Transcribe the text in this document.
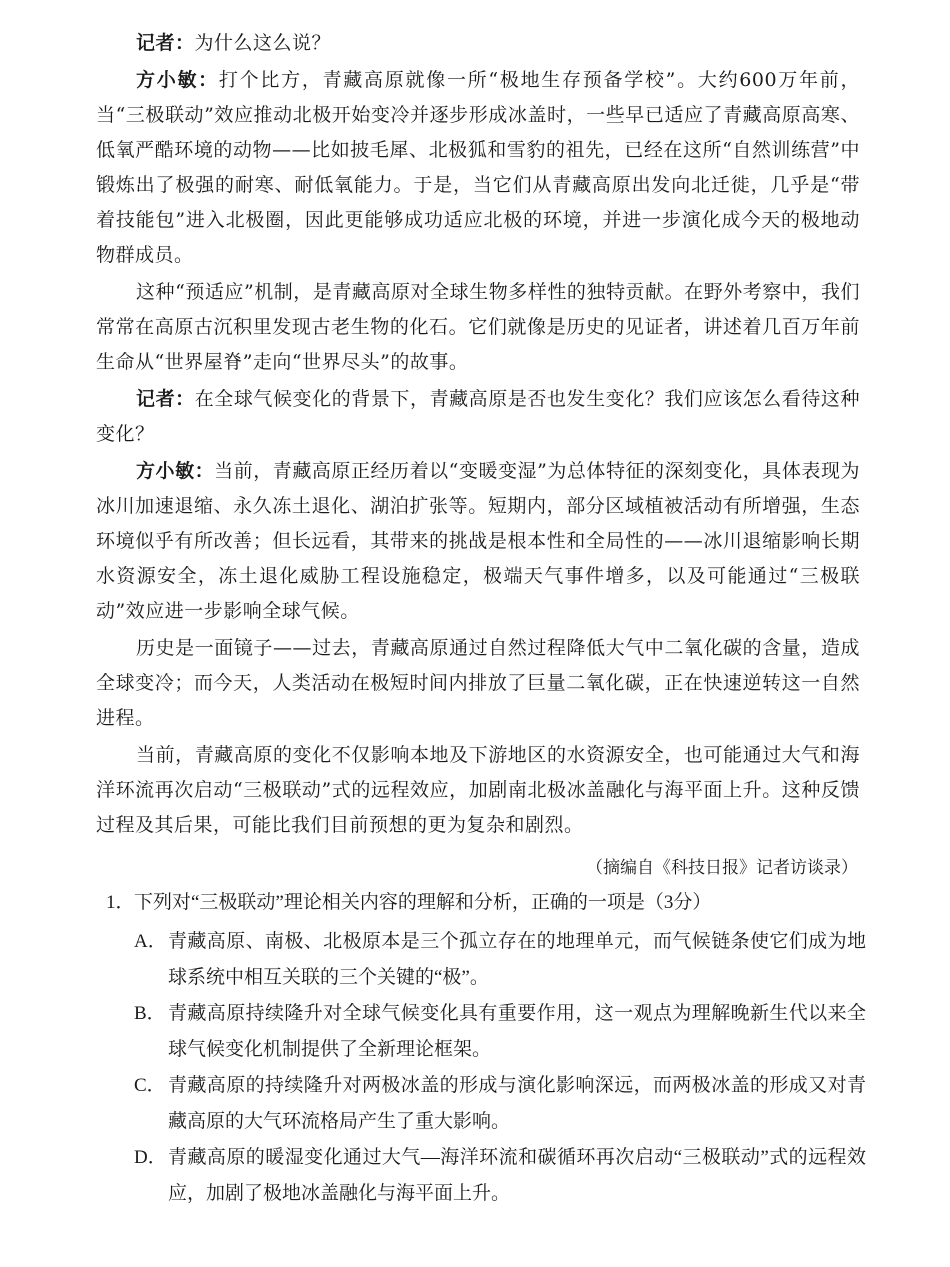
记者：为什么这么说？

方小敏：打个比方，青藏高原就像一所“极地生存预备学校”。大约600万年前，当“三极联动”效应推动北极开始变冷并逐步形成冰盖时，一些早已适应了青藏高原高寒、低氧严酷环境的动物——比如披毛犀、北极狐和雪豹的祖先，已经在这所“自然训练营”中锻炼出了极强的耐寒、耐低氧能力。于是，当它们从青藏高原出发向北迁徙，几乎是“带着技能包”进入北极圈，因此更能够成功适应北极的环境，并进一步演化成今天的极地动物群成员。

这种“预适应”机制，是青藏高原对全球生物多样性的独特贡献。在野外考察中，我们常常在高原古沉积里发现古老生物的化石。它们就像是历史的见证者，讲述着几百万年前生命从“世界屋脊”走向“世界尽头”的故事。

记者：在全球气候变化的背景下，青藏高原是否也发生变化？我们应该怎么看待这种变化？

方小敏：当前，青藏高原正经历着以“变暖变湿”为总体特征的深刻变化，具体表现为冰川加速退缩、永久冻土退化、湖泊扩张等。短期内，部分区域植被活动有所增强，生态环境似乎有所改善；但长远看，其带来的挑战是根本性和全局性的——冰川退缩影响长期水资源安全，冻土退化威胁工程设施稳定，极端天气事件增多，以及可能通过“三极联动”效应进一步影响全球气候。

历史是一面镜子——过去，青藏高原通过自然过程降低大气中二氧化碳的含量，造成全球变冷；而今天，人类活动在极短时间内排放了巨量二氧化碳，正在快速逆转这一自然进程。

当前，青藏高原的变化不仅影响本地及下游地区的水资源安全，也可能通过大气和海洋环流再次启动“三极联动”式的远程效应，加剧南北极冰盖融化与海平面上升。这种反馈过程及其后果，可能比我们目前预想的更为复杂和剧烈。

（摘编自《科技日报》记者访谈录）

1．下列对“三极联动”理论相关内容的理解和分析，正确的一项是（3分）

A． 青藏高原、南极、北极原本是三个孤立存在的地理单元，而气候链条使它们成为地球系统中相互关联的三个关键的“极”。

B． 青藏高原持续隆升对全球气候变化具有重要作用，这一观点为理解晚新生代以来全球气候变化机制提供了全新理论框架。

C． 青藏高原的持续隆升对两极冰盖的形成与演化影响深远，而两极冰盖的形成又对青藏高原的大气环流格局产生了重大影响。

D． 青藏高原的暖湿变化通过大气—海洋环流和碳循环再次启动“三极联动”式的远程效应，加剧了极地冰盖融化与海平面上升。
